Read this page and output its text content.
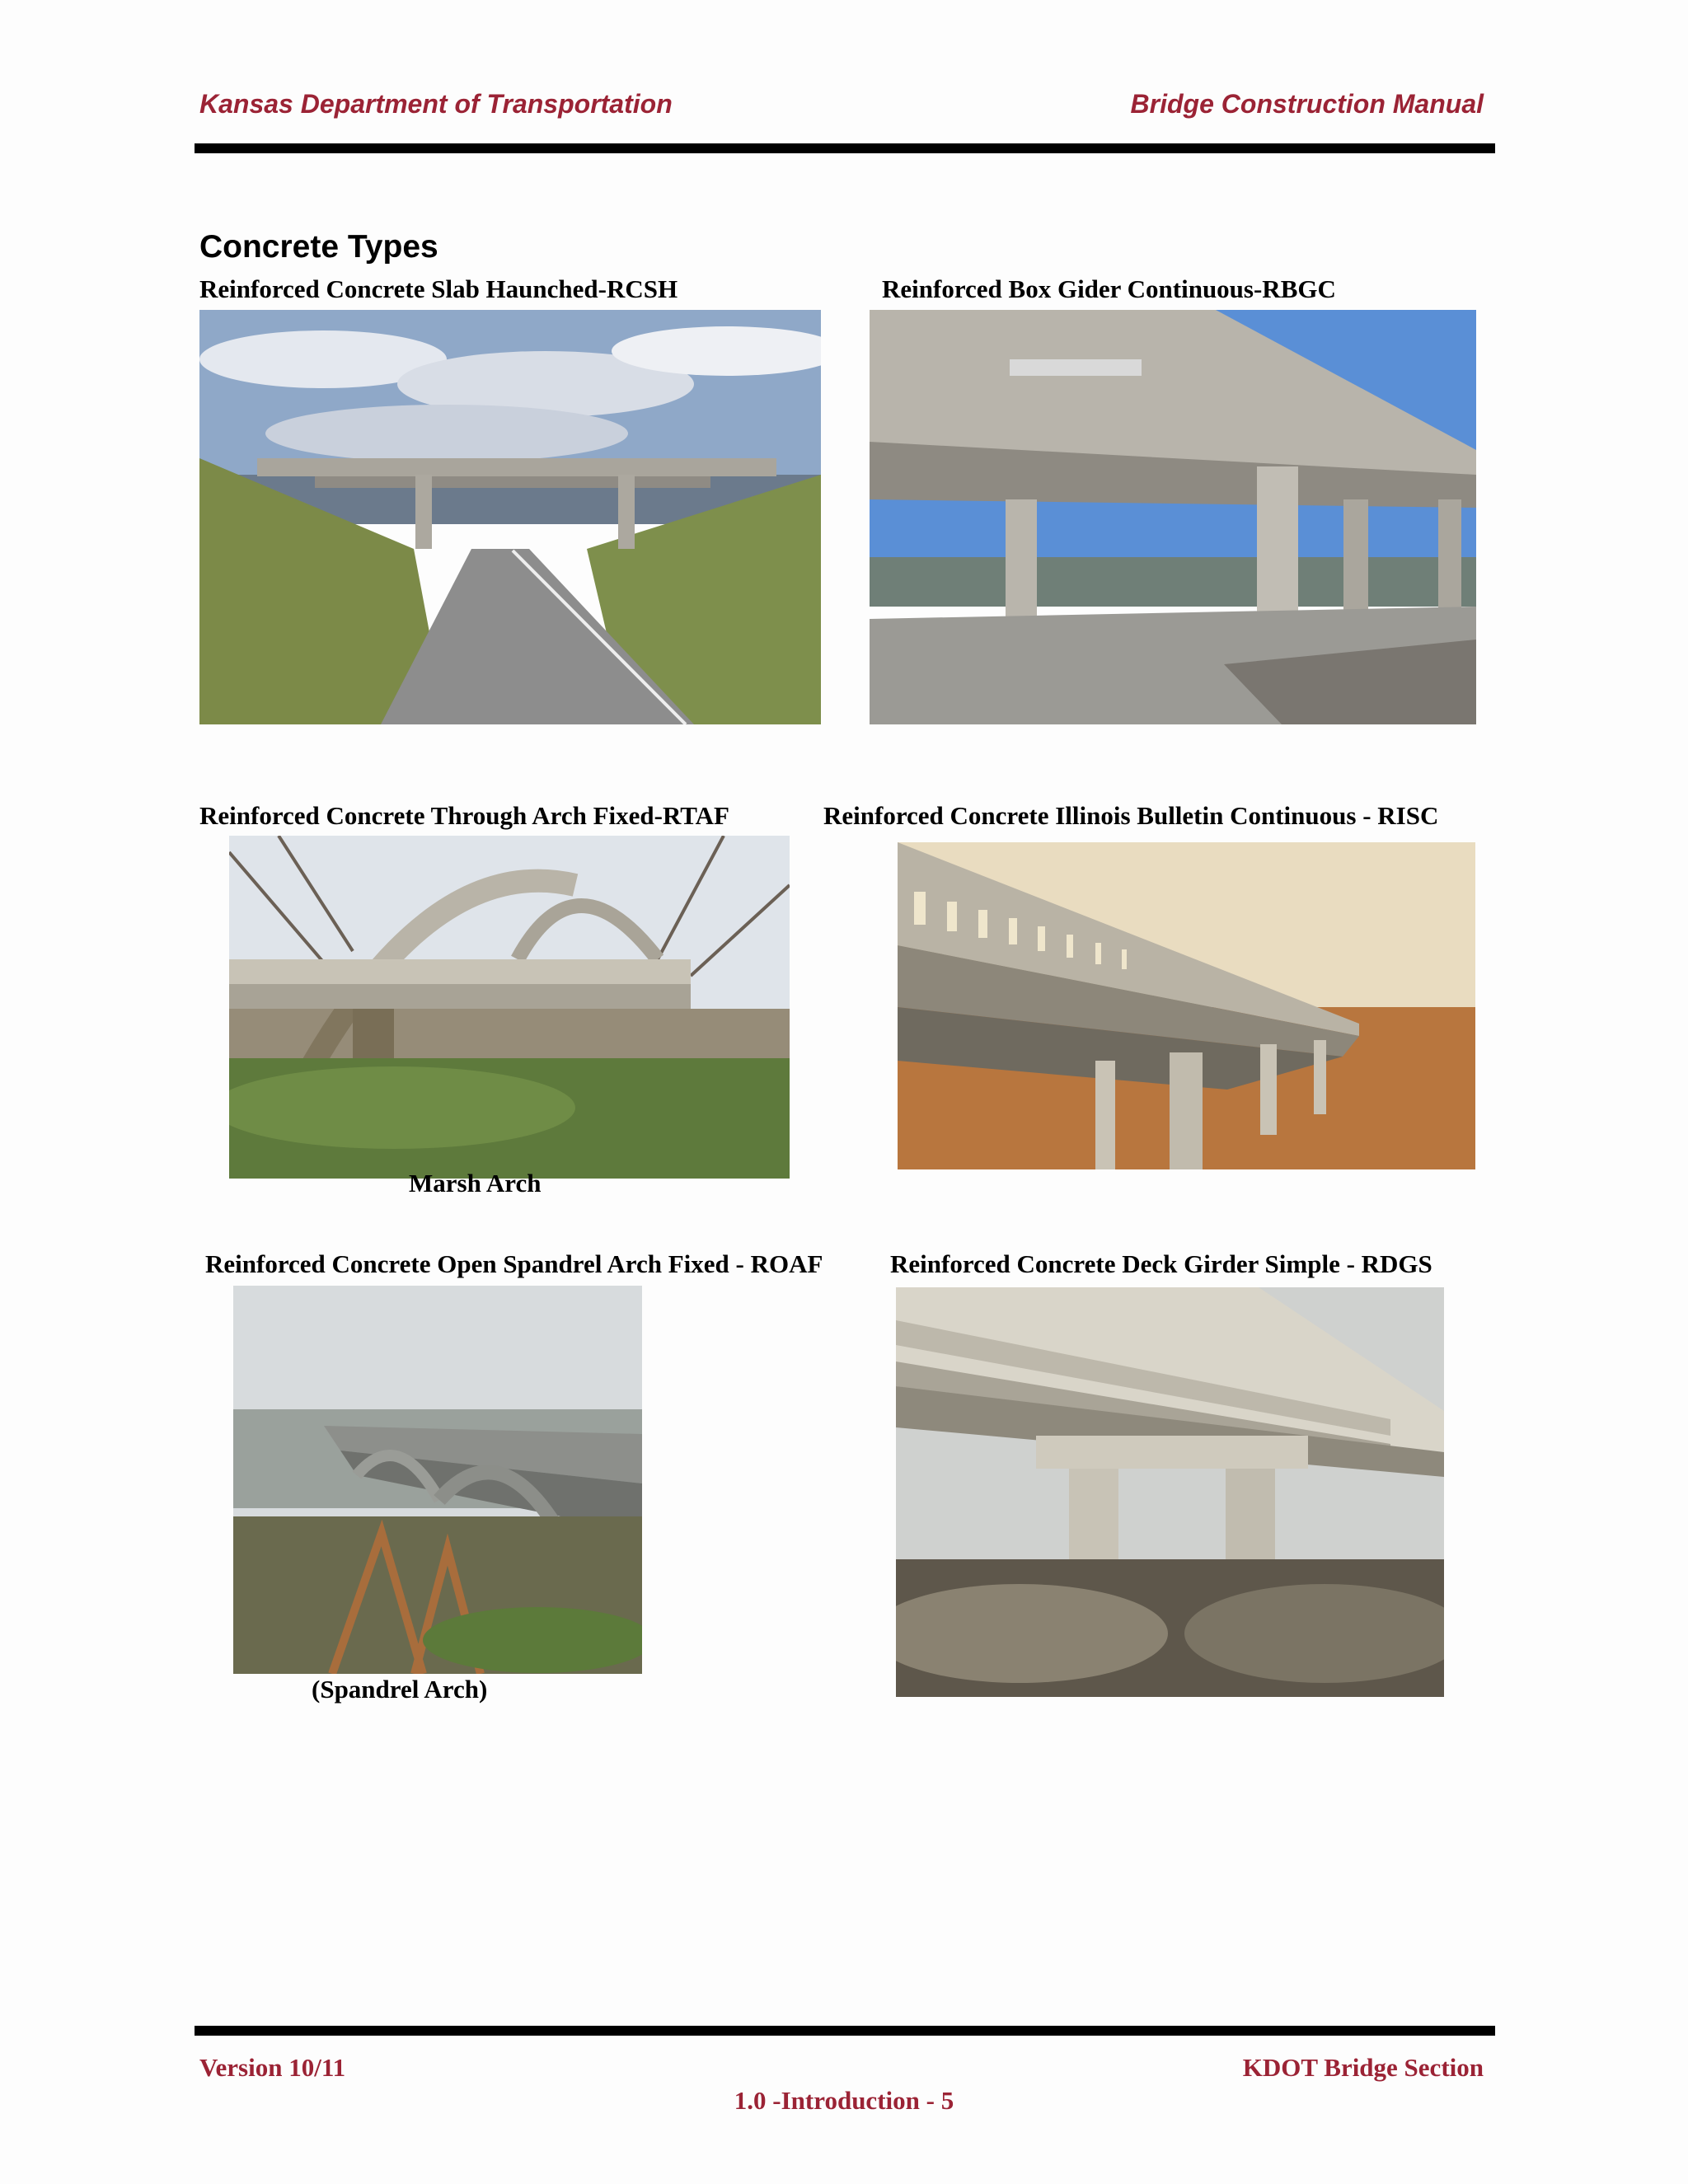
Kansas Department of Transportation	Bridge Construction Manual
Concrete Types
Reinforced Concrete Slab Haunched-RCSH	Reinforced Box Gider Continuous-RBGC
Reinforced Concrete Through Arch Fixed-RTAF
Marsh Arch
Reinforced Concrete Illinois Bulletin Continuous - RISC
Reinforced Concrete Open Spandrel Arch Fixed - ROAF
(Spandrel Arch)
Reinforced Concrete Deck Girder Simple - RDGS
Version 10/11	KDOT Bridge Section
1.0 -Introduction - 5
